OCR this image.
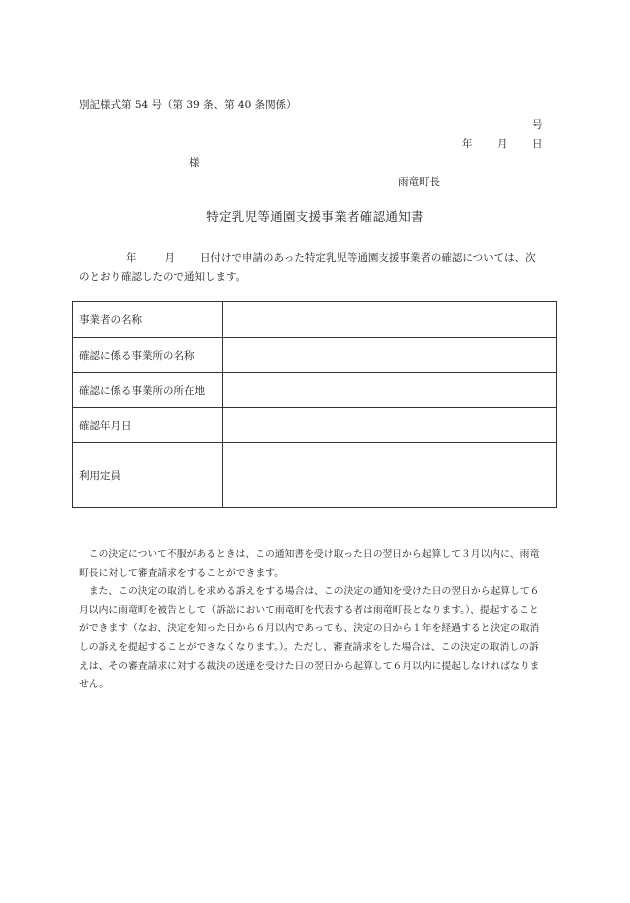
別記様式第 54 号（第 39 条、第 40 条関係）
号
年 月 日
様
雨竜町長
特定乳児等通園支援事業者確認通知書
年	月 日付けで申請のあった特定乳児等通園支援事業者の確認については、次
のとおり確認したので通知します。
事業者の名称	
確認に係る事業所の名称	
確認に係る事業所の所在地	
確認年月日	
利用定員	
　この決定について不服があるときは、この通知書を受け取った日の翌日から起算して３月以内に、雨竜
町長に対して審査請求をすることができます。
　また、この決定の取消しを求める訴えをする場合は、この決定の通知を受けた日の翌日から起算して６
月以内に雨竜町を被告として（訴訟において雨竜町を代表する者は雨竜町長となります。）、提起すること
ができます（なお、決定を知った日から６月以内であっても、決定の日から１年を経過すると決定の取消
しの訴えを提起することができなくなります。）。ただし、審査請求をした場合は、この決定の取消しの訴
えは、その審査請求に対する裁決の送達を受けた日の翌日から起算して６月以内に提起しなければなりま
せん。
